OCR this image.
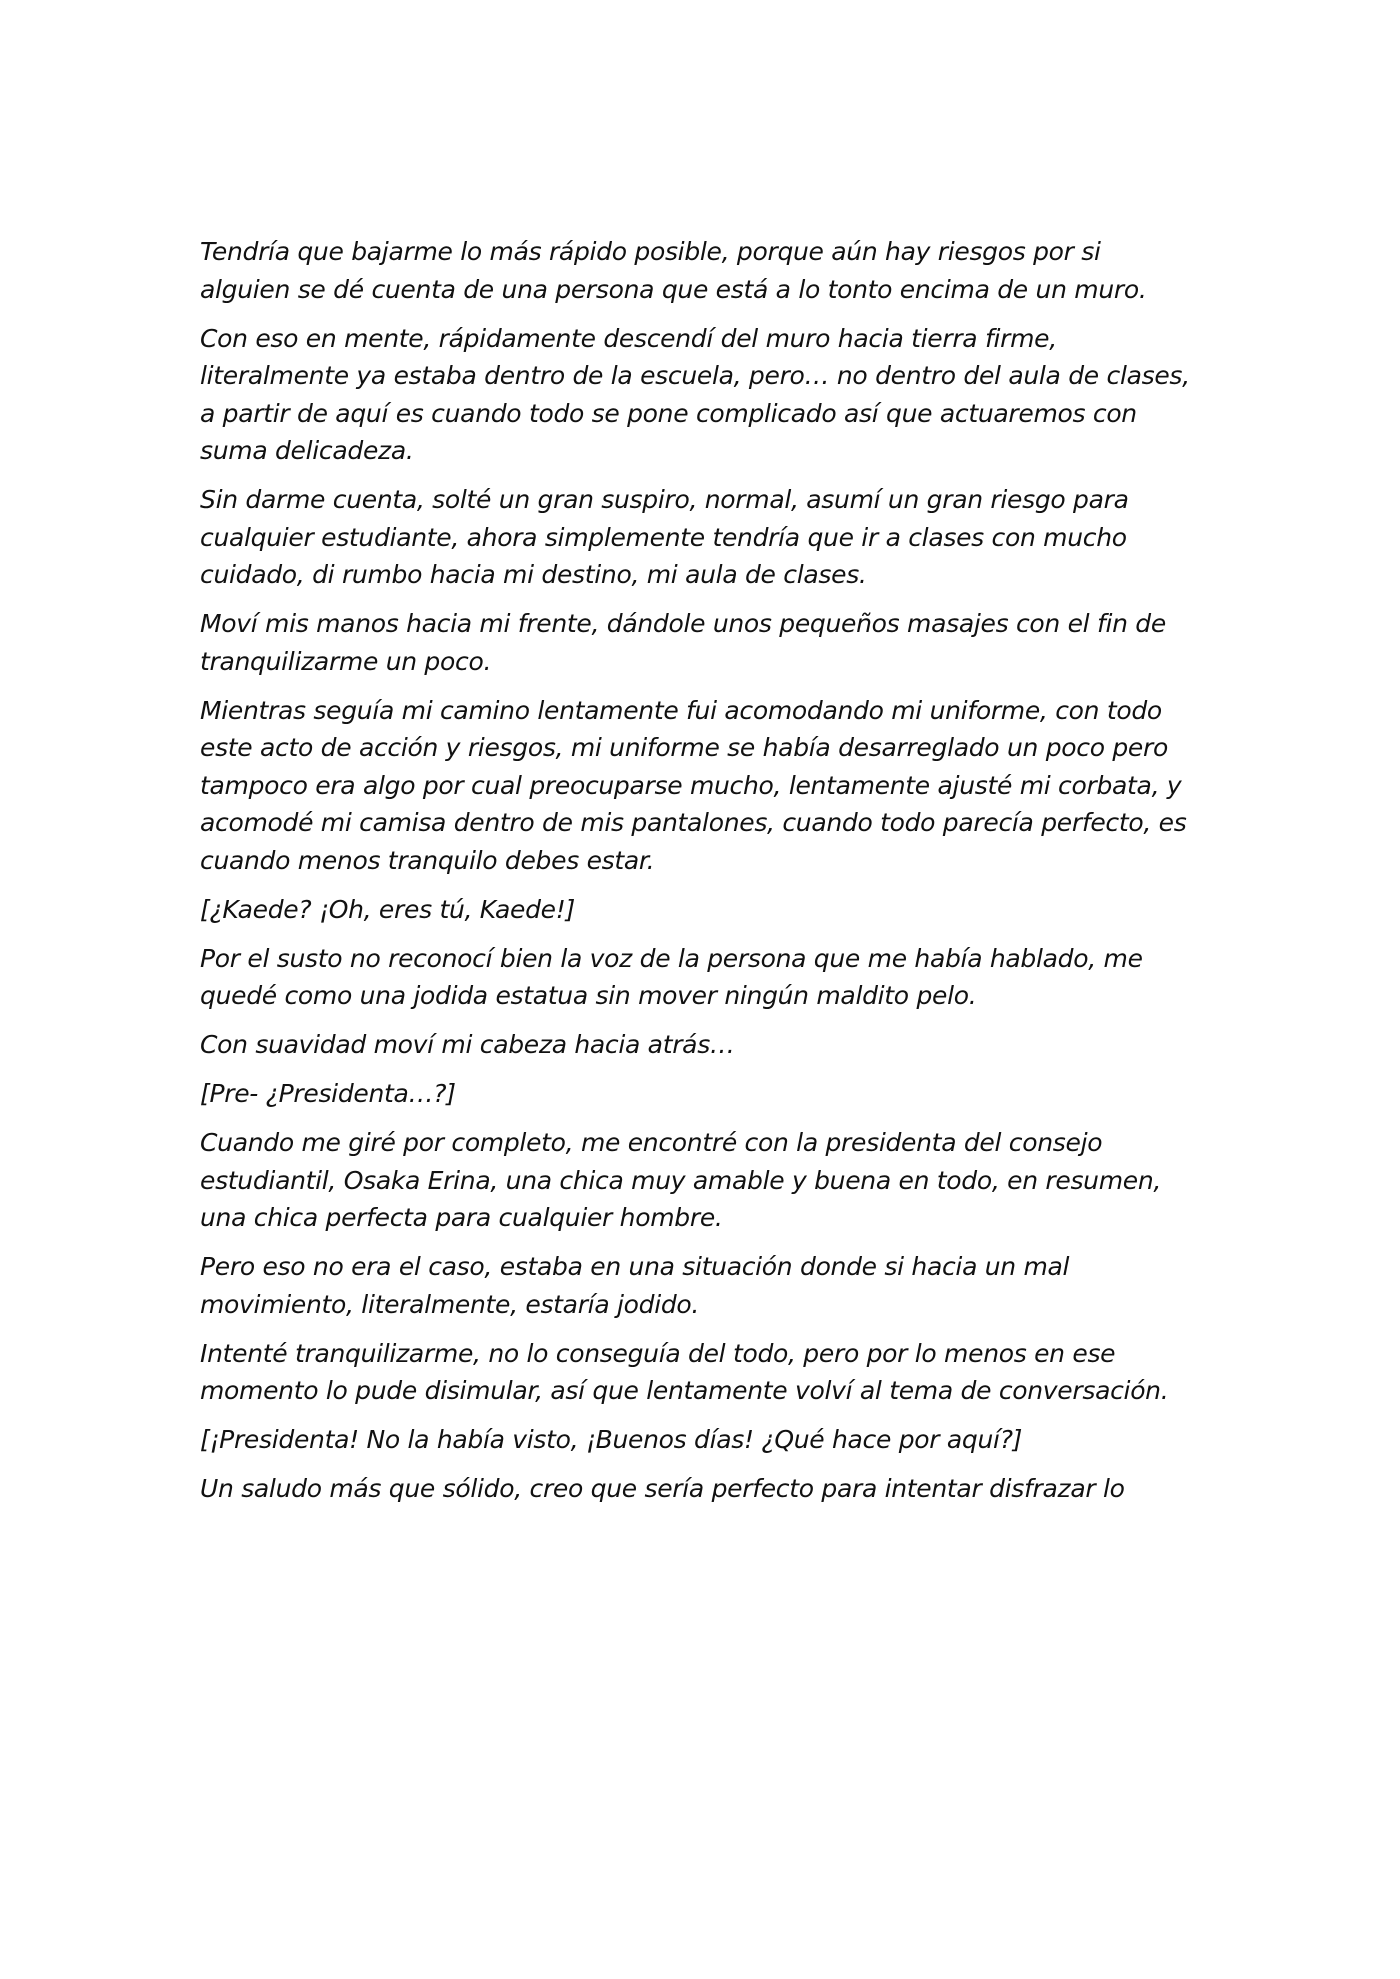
Tendría que bajarme lo más rápido posible, porque aún hay riesgos por si
alguien se dé cuenta de una persona que está a lo tonto encima de un muro.

Con eso en mente, rápidamente descendí del muro hacia tierra firme,
literalmente ya estaba dentro de la escuela, pero… no dentro del aula de clases,
a partir de aquí es cuando todo se pone complicado así que actuaremos con
suma delicadeza.

Sin darme cuenta, solté un gran suspiro, normal, asumí un gran riesgo para
cualquier estudiante, ahora simplemente tendría que ir a clases con mucho
cuidado, di rumbo hacia mi destino, mi aula de clases.

Moví mis manos hacia mi frente, dándole unos pequeños masajes con el fin de
tranquilizarme un poco.

Mientras seguía mi camino lentamente fui acomodando mi uniforme, con todo
este acto de acción y riesgos, mi uniforme se había desarreglado un poco pero
tampoco era algo por cual preocuparse mucho, lentamente ajusté mi corbata, y
acomodé mi camisa dentro de mis pantalones, cuando todo parecía perfecto, es
cuando menos tranquilo debes estar.

[¿Kaede? ¡Oh, eres tú, Kaede!]

Por el susto no reconocí bien la voz de la persona que me había hablado, me
quedé como una jodida estatua sin mover ningún maldito pelo.

Con suavidad moví mi cabeza hacia atrás…

[Pre- ¿Presidenta…?]

Cuando me giré por completo, me encontré con la presidenta del consejo
estudiantil, Osaka Erina, una chica muy amable y buena en todo, en resumen,
una chica perfecta para cualquier hombre.

Pero eso no era el caso, estaba en una situación donde si hacia un mal
movimiento, literalmente, estaría jodido.

Intenté tranquilizarme, no lo conseguía del todo, pero por lo menos en ese
momento lo pude disimular, así que lentamente volví al tema de conversación.

[¡Presidenta! No la había visto, ¡Buenos días! ¿Qué hace por aquí?]

Un saludo más que sólido, creo que sería perfecto para intentar disfrazar lo
